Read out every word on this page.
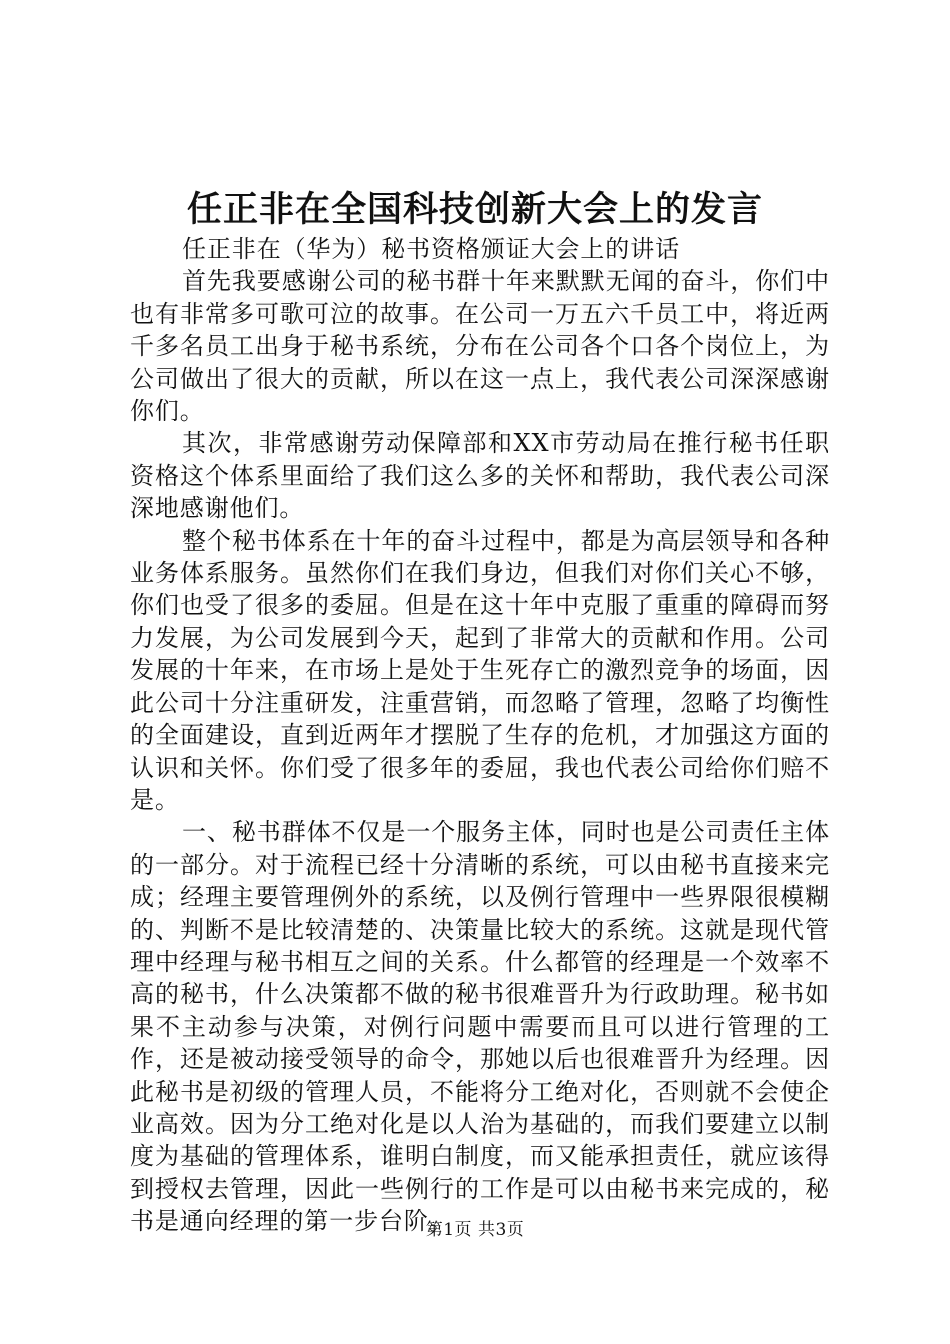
任正非在全国科技创新大会上的发言

任正非在（华为）秘书资格颁证大会上的讲话

首先我要感谢公司的秘书群十年来默默无闻的奋斗，你们中也有非常多可歌可泣的故事。在公司一万五六千员工中，将近两千多名员工出身于秘书系统，分布在公司各个口各个岗位上，为公司做出了很大的贡献，所以在这一点上，我代表公司深深感谢你们。

其次，非常感谢劳动保障部和XX市劳动局在推行秘书任职资格这个体系里面给了我们这么多的关怀和帮助，我代表公司深深地感谢他们。

整个秘书体系在十年的奋斗过程中，都是为高层领导和各种业务体系服务。虽然你们在我们身边，但我们对你们关心不够，你们也受了很多的委屈。但是在这十年中克服了重重的障碍而努力发展，为公司发展到今天，起到了非常大的贡献和作用。公司发展的十年来，在市场上是处于生死存亡的激烈竞争的场面，因此公司十分注重研发，注重营销，而忽略了管理，忽略了均衡性的全面建设，直到近两年才摆脱了生存的危机，才加强这方面的认识和关怀。你们受了很多年的委屈，我也代表公司给你们赔不是。

一、秘书群体不仅是一个服务主体，同时也是公司责任主体的一部分。对于流程已经十分清晰的系统，可以由秘书直接来完成；经理主要管理例外的系统，以及例行管理中一些界限很模糊的、判断不是比较清楚的、决策量比较大的系统。这就是现代管理中经理与秘书相互之间的关系。什么都管的经理是一个效率不高的秘书，什么决策都不做的秘书很难晋升为行政助理。秘书如果不主动参与决策，对例行问题中需要而且可以进行管理的工作，还是被动接受领导的命令，那她以后也很难晋升为经理。因此秘书是初级的管理人员，不能将分工绝对化，否则就不会使企业高效。因为分工绝对化是以人治为基础的，而我们要建立以制度为基础的管理体系，谁明白制度，而又能承担责任，就应该得到授权去管理，因此一些例行的工作是可以由秘书来完成的，秘书是通向经理的第一步台阶。

第1页 共3页
